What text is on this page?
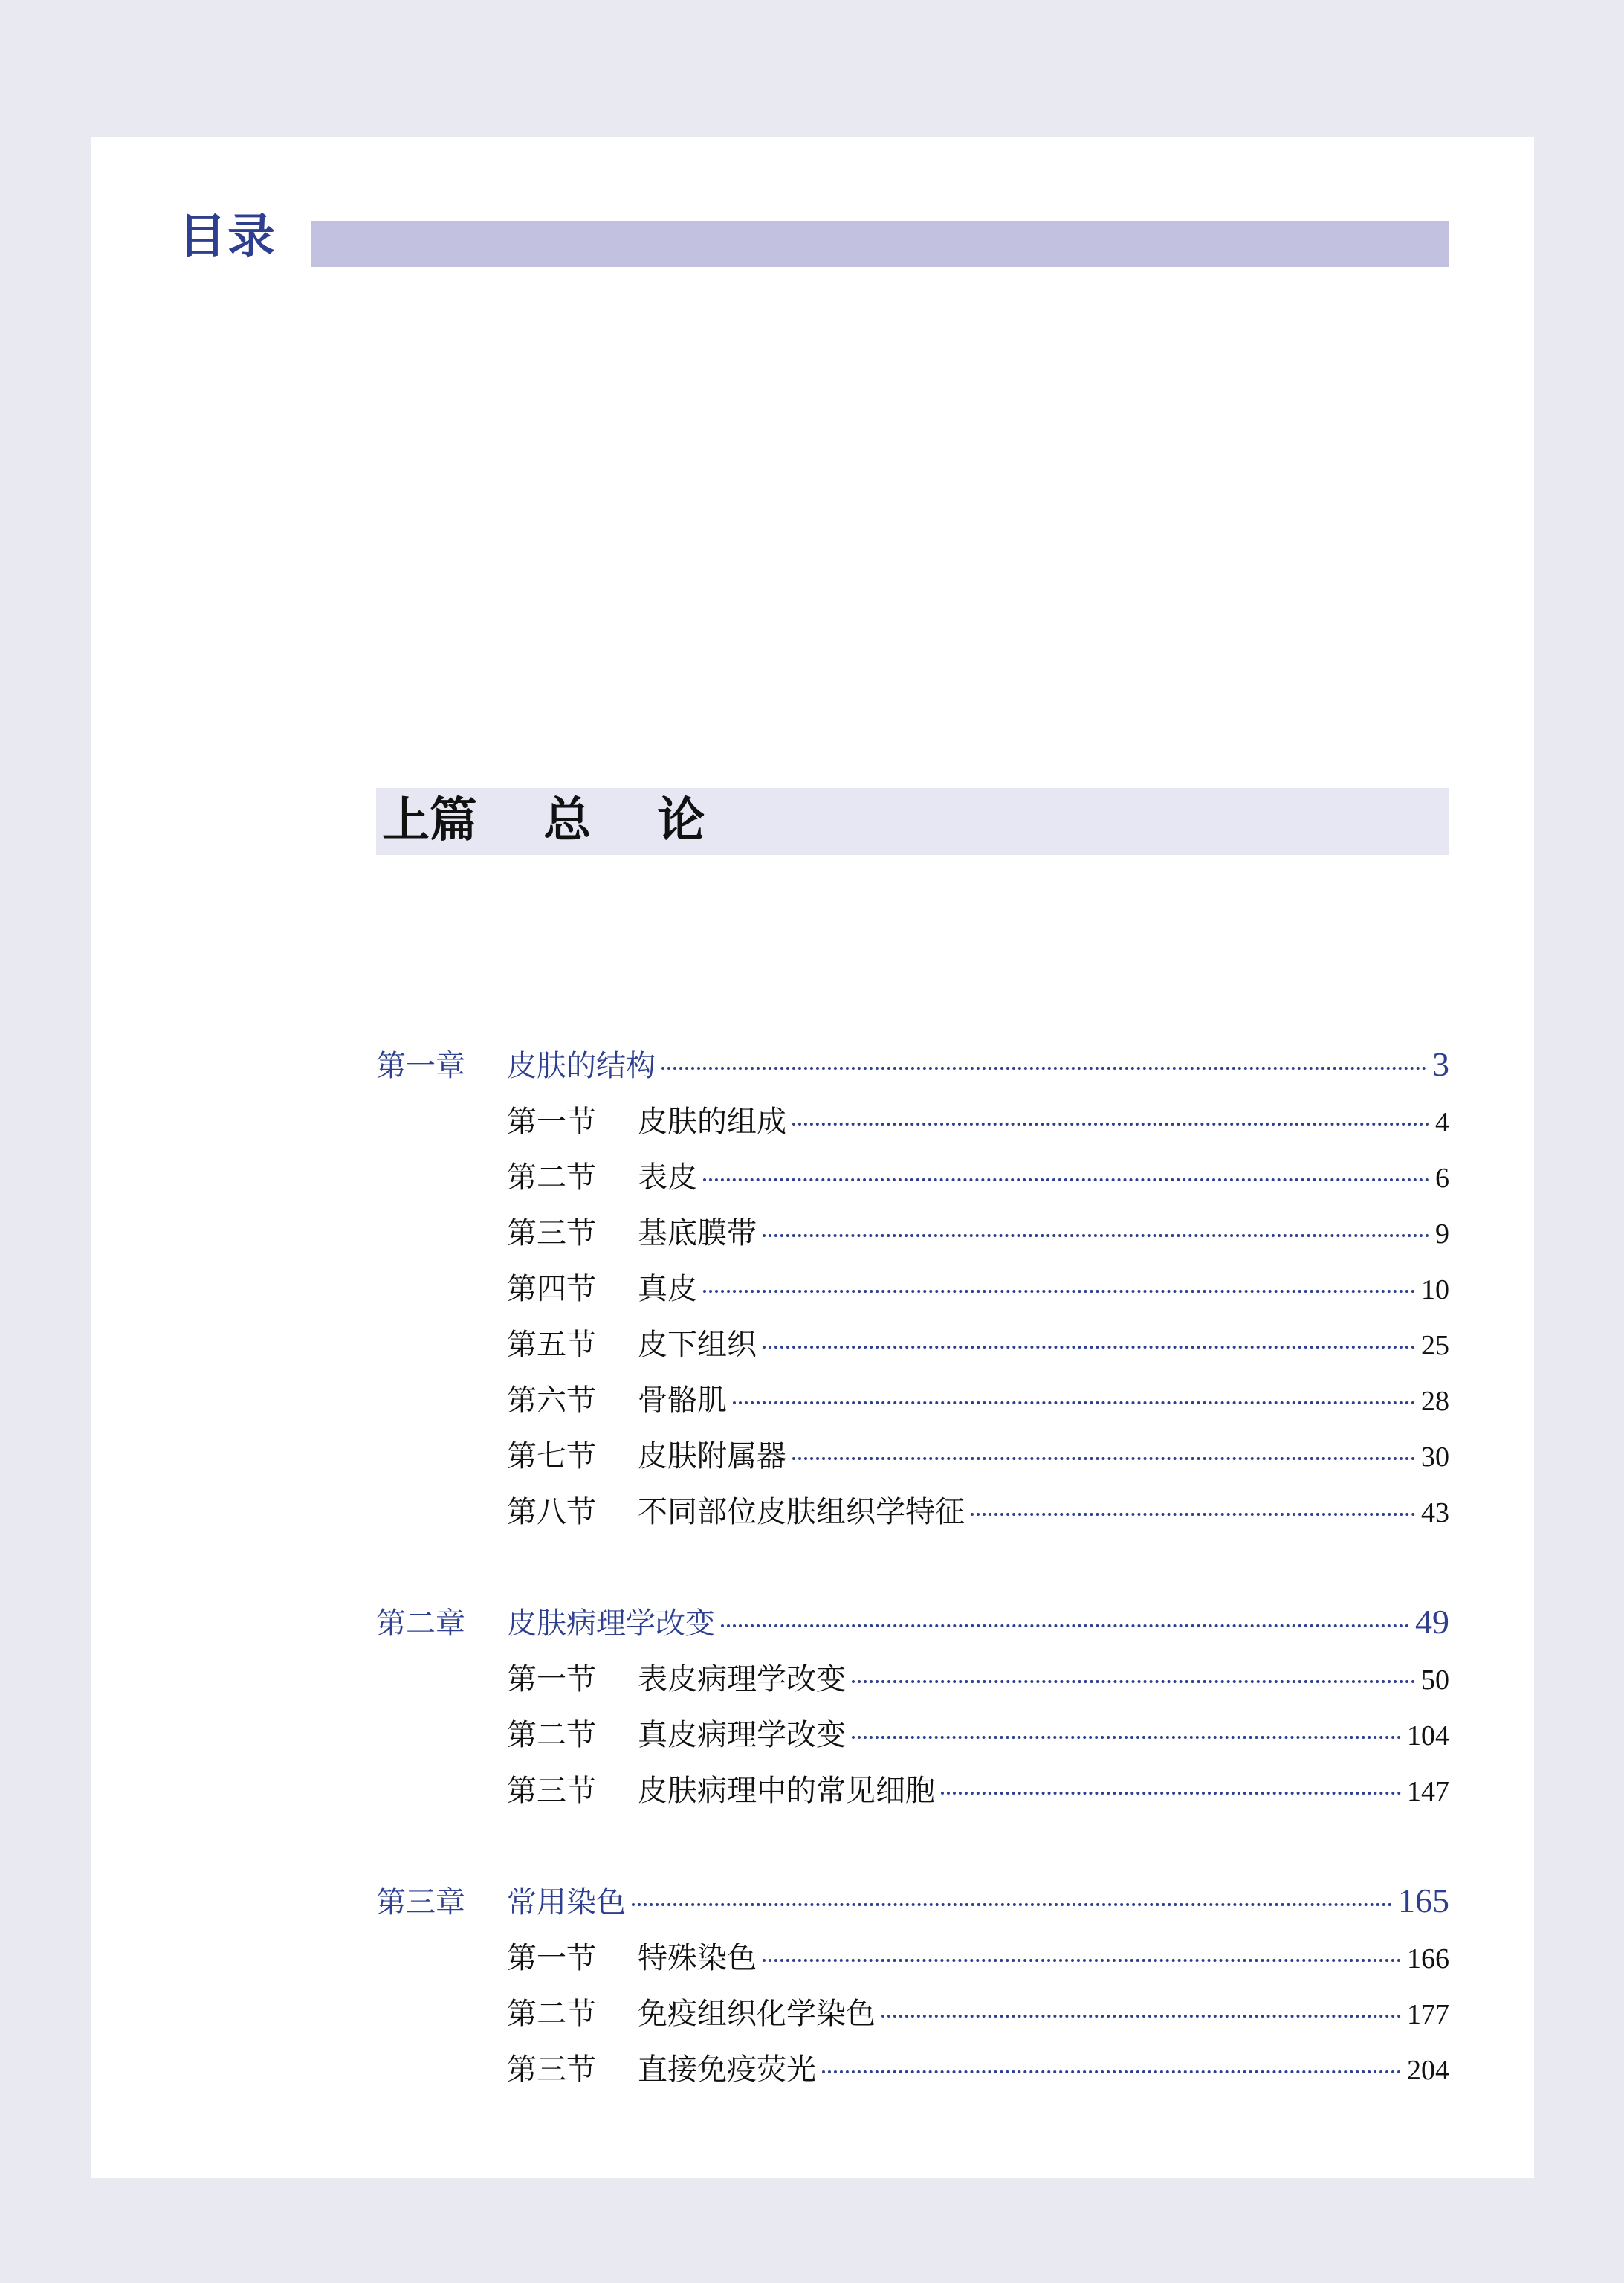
目录
上篇    总    论
第一章	皮肤的结构	3
第一节	皮肤的组成	4
第二节	表皮	6
第三节	基底膜带	9
第四节	真皮	10
第五节	皮下组织	25
第六节	骨骼肌	28
第七节	皮肤附属器	30
第八节	不同部位皮肤组织学特征	43
第二章	皮肤病理学改变	49
第一节	表皮病理学改变	50
第二节	真皮病理学改变	104
第三节	皮肤病理中的常见细胞	147
第三章	常用染色	165
第一节	特殊染色	166
第二节	免疫组织化学染色	177
第三节	直接免疫荧光	204
